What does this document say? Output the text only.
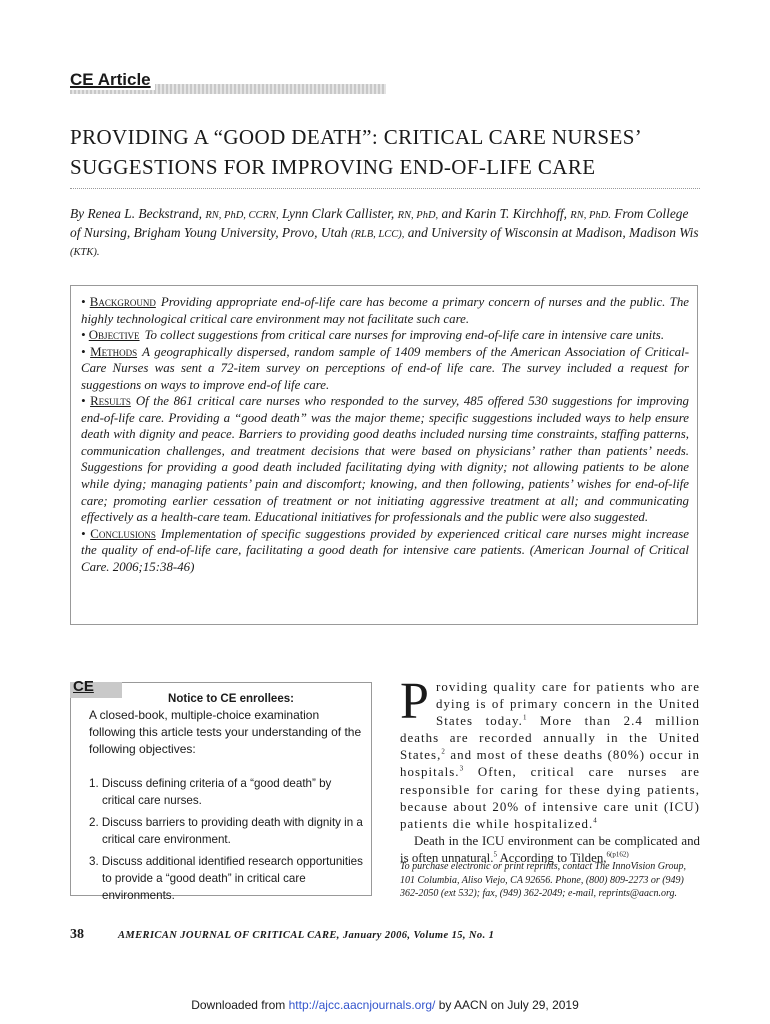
CE Article
PROVIDING A “GOOD DEATH”: CRITICAL CARE NURSES’
SUGGESTIONS FOR IMPROVING END-OF-LIFE CARE
By Renea L. Beckstrand, RN, PhD, CCRN, Lynn Clark Callister, RN, PhD, and Karin T. Kirchhoff, RN, PhD. From College of Nursing, Brigham Young University, Provo, Utah (RLB, LCC), and University of Wisconsin at Madison, Madison Wis (KTK).

• Background Providing appropriate end-of-life care has become a primary concern of nurses and the public. The highly technological critical care environment may not facilitate such care.

• Objective To collect suggestions from critical care nurses for improving end-of-life care in intensive care units.

• Methods A geographically dispersed, random sample of 1409 members of the American Association of Critical-Care Nurses was sent a 72-item survey on perceptions of end-of life care. The survey included a request for suggestions on ways to improve end-of life care.

• Results Of the 861 critical care nurses who responded to the survey, 485 offered 530 suggestions for improving end-of-life care. Providing a “good death” was the major theme; specific suggestions included ways to help ensure death with dignity and peace. Barriers to providing good deaths included nursing time constraints, staffing patterns, communication challenges, and treatment decisions that were based on physicians’ rather than patients’ needs. Suggestions for providing a good death included facilitating dying with dignity; not allowing patients to be alone while dying; managing patients’ pain and discomfort; knowing, and then following, patients’ wishes for end-of-life care; promoting earlier cessation of treatment or not initiating aggressive treatment at all; and communicating effectively as a health-care team. Educational initiatives for professionals and the public were also suggested.

• Conclusions Implementation of specific suggestions provided by experienced critical care nurses might increase the quality of end-of-life care, facilitating a good death for intensive care patients. (American Journal of Critical Care. 2006;15:38-46)

CE
Notice to CE enrollees:
A closed-book, multiple-choice examination following this article tests your understanding of the following objectives:
1. Discuss defining criteria of a “good death” by critical care nurses.
2. Discuss barriers to providing death with dignity in a critical care environment.
3. Discuss additional identified research opportunities to provide a “good death” in critical care environments.

Providing quality care for patients who are dying is of primary concern in the United States today.$^1$ More than 2.4 million deaths are recorded annually in the United States,$^2$ and most of these deaths (80%) occur in hospitals.$^3$ Often, critical care nurses are responsible for caring for these dying patients, because about 20% of intensive care unit (ICU) patients die while hospitalized.$^4$

Death in the ICU environment can be complicated and is often unnatural.$^5$ According to Tilden,$^{6(p162)}$

To purchase electronic or print reprints, contact The InnoVision Group, 101 Columbia, Aliso Viejo, CA 92656. Phone, (800) 809-2273 or (949) 362-2050 (ext 532); fax, (949) 362-2049; e-mail, reprints@aacn.org.
38	AMERICAN JOURNAL OF CRITICAL CARE, January 2006, Volume 15, No. 1
Downloaded from http://ajcc.aacnjournals.org/ by AACN on July 29, 2019
